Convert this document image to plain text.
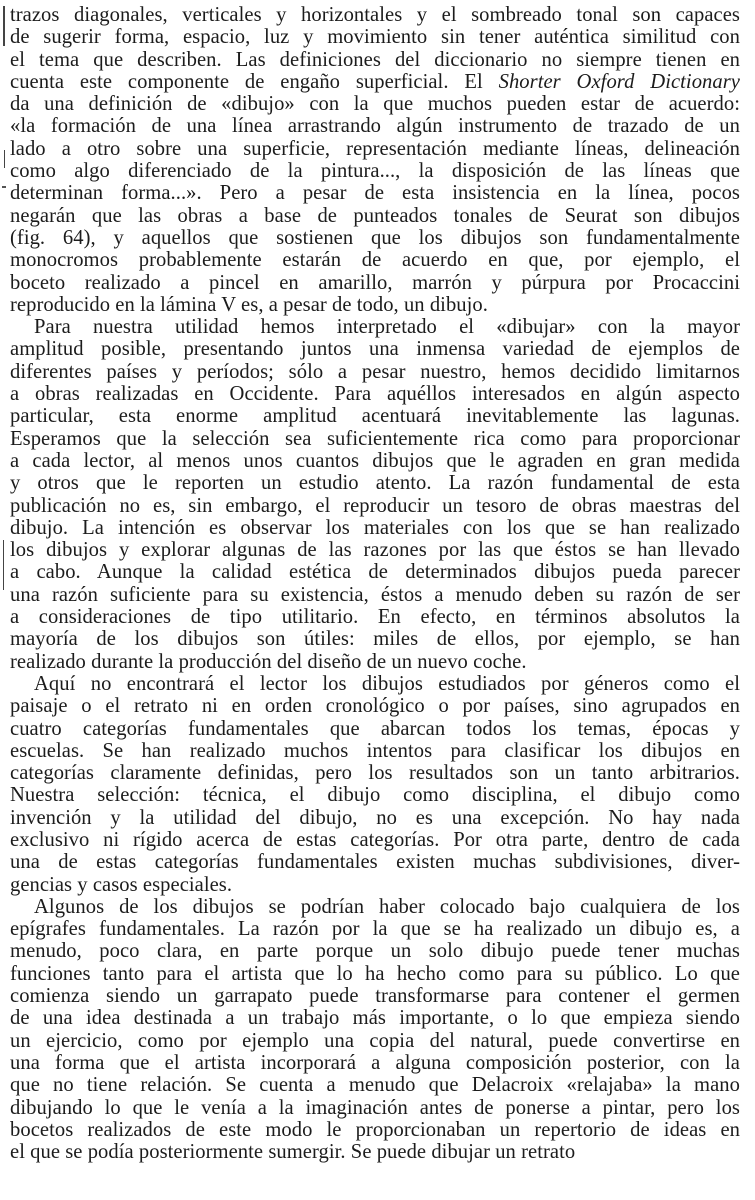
trazos diagonales, verticales y horizontales y el sombreado tonal son capaces
de sugerir forma, espacio, luz y movimiento sin tener auténtica similitud con
el tema que describen. Las definiciones del diccionario no siempre tienen en
cuenta este componente de engaño superficial. El Shorter Oxford Dictionary
da una definición de «dibujo» con la que muchos pueden estar de acuerdo:
«la formación de una línea arrastrando algún instrumento de trazado de un
lado a otro sobre una superficie, representación mediante líneas, delineación
como algo diferenciado de la pintura..., la disposición de las líneas que
determinan forma...». Pero a pesar de esta insistencia en la línea, pocos
negarán que las obras a base de punteados tonales de Seurat son dibujos
(fig. 64), y aquellos que sostienen que los dibujos son fundamentalmente
monocromos probablemente estarán de acuerdo en que, por ejemplo, el
boceto realizado a pincel en amarillo, marrón y púrpura por Procaccini
reproducido en la lámina V es, a pesar de todo, un dibujo.
Para nuestra utilidad hemos interpretado el «dibujar» con la mayor
amplitud posible, presentando juntos una inmensa variedad de ejemplos de
diferentes países y períodos; sólo a pesar nuestro, hemos decidido limitarnos
a obras realizadas en Occidente. Para aquéllos interesados en algún aspecto
particular, esta enorme amplitud acentuará inevitablemente las lagunas.
Esperamos que la selección sea suficientemente rica como para proporcionar
a cada lector, al menos unos cuantos dibujos que le agraden en gran medida
y otros que le reporten un estudio atento. La razón fundamental de esta
publicación no es, sin embargo, el reproducir un tesoro de obras maestras del
dibujo. La intención es observar los materiales con los que se han realizado
los dibujos y explorar algunas de las razones por las que éstos se han llevado
a cabo. Aunque la calidad estética de determinados dibujos pueda parecer
una razón suficiente para su existencia, éstos a menudo deben su razón de ser
a consideraciones de tipo utilitario. En efecto, en términos absolutos la
mayoría de los dibujos son útiles: miles de ellos, por ejemplo, se han
realizado durante la producción del diseño de un nuevo coche.
Aquí no encontrará el lector los dibujos estudiados por géneros como el
paisaje o el retrato ni en orden cronológico o por países, sino agrupados en
cuatro categorías fundamentales que abarcan todos los temas, épocas y
escuelas. Se han realizado muchos intentos para clasificar los dibujos en
categorías claramente definidas, pero los resultados son un tanto arbitrarios.
Nuestra selección: técnica, el dibujo como disciplina, el dibujo como
invención y la utilidad del dibujo, no es una excepción. No hay nada
exclusivo ni rígido acerca de estas categorías. Por otra parte, dentro de cada
una de estas categorías fundamentales existen muchas subdivisiones, diver-
gencias y casos especiales.
Algunos de los dibujos se podrían haber colocado bajo cualquiera de los
epígrafes fundamentales. La razón por la que se ha realizado un dibujo es, a
menudo, poco clara, en parte porque un solo dibujo puede tener muchas
funciones tanto para el artista que lo ha hecho como para su público. Lo que
comienza siendo un garrapato puede transformarse para contener el germen
de una idea destinada a un trabajo más importante, o lo que empieza siendo
un ejercicio, como por ejemplo una copia del natural, puede convertirse en
una forma que el artista incorporará a alguna composición posterior, con la
que no tiene relación. Se cuenta a menudo que Delacroix «relajaba» la mano
dibujando lo que le venía a la imaginación antes de ponerse a pintar, pero los
bocetos realizados de este modo le proporcionaban un repertorio de ideas en
el que se podía posteriormente sumergir. Se puede dibujar un retrato
